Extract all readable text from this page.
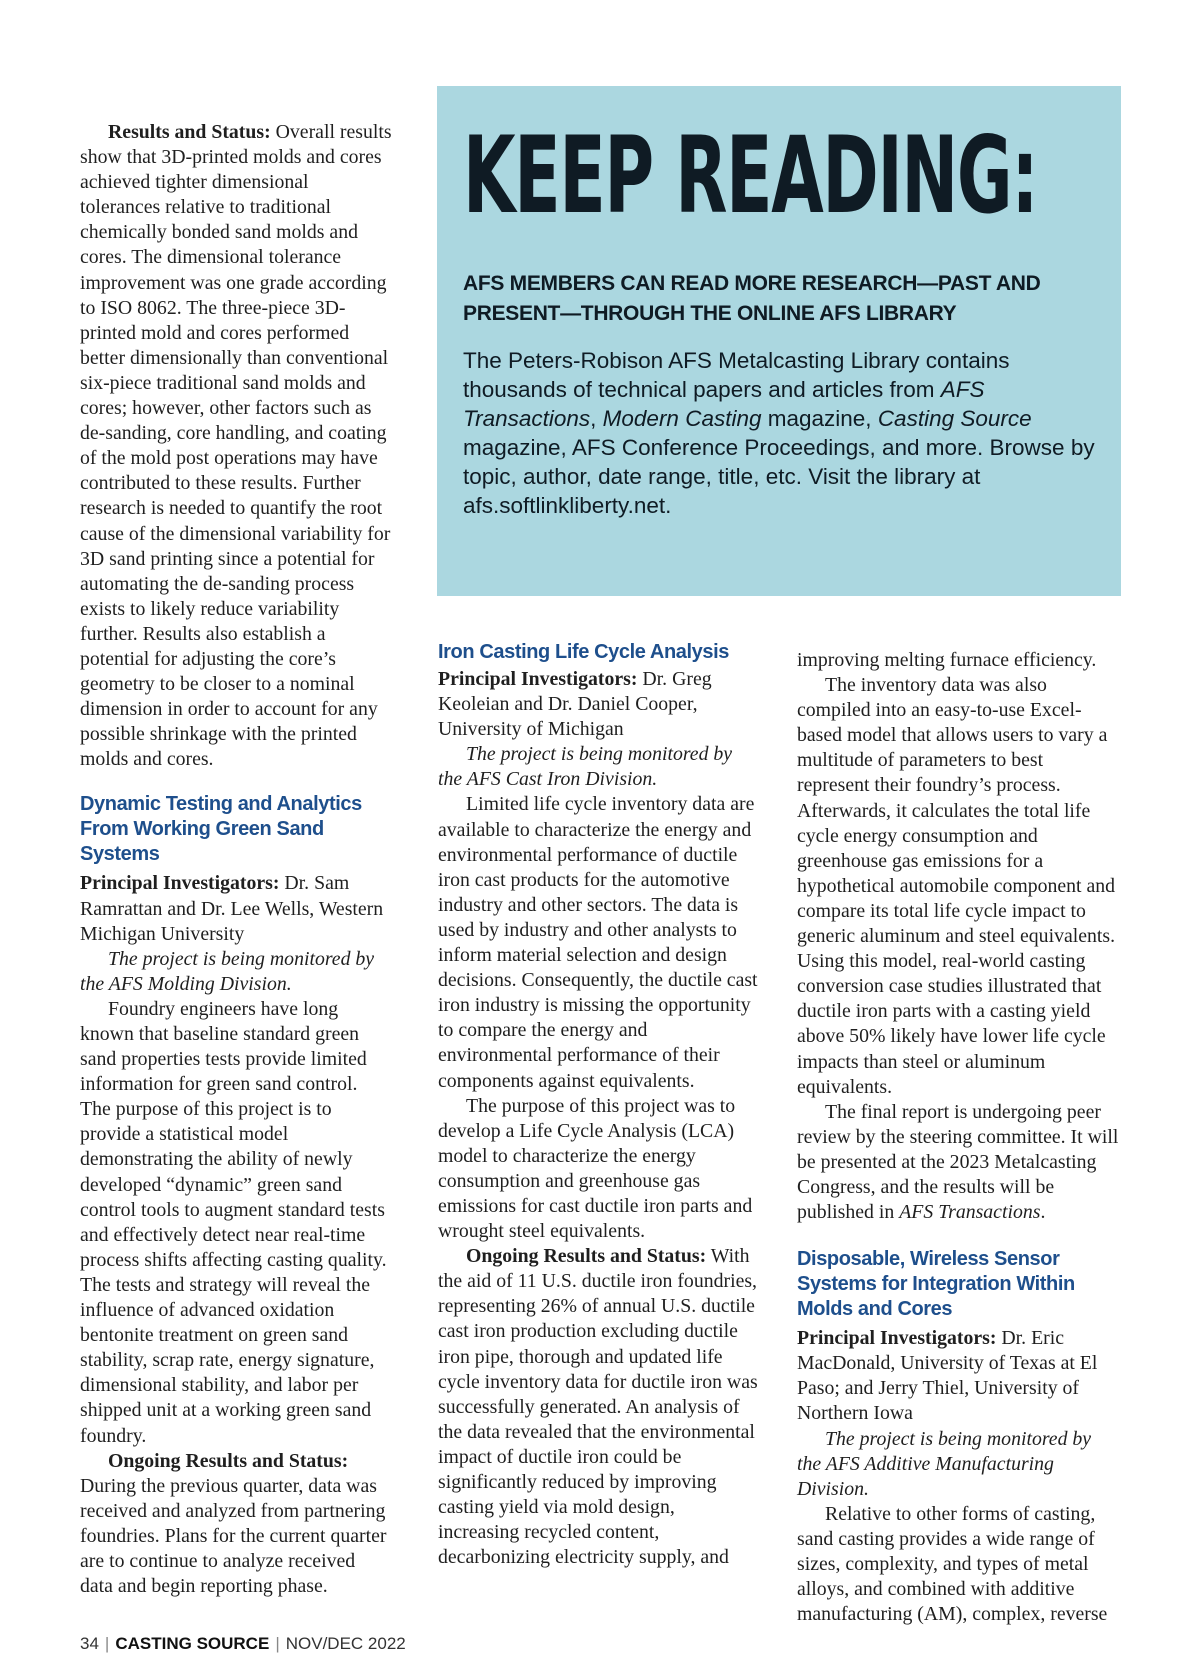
Results and Status: Overall results show that 3D-printed molds and cores achieved tighter dimensional tolerances relative to traditional chemically bonded sand molds and cores. The dimensional tolerance improvement was one grade according to ISO 8062. The three-piece 3D-printed mold and cores performed better dimensionally than conventional six-piece traditional sand molds and cores; however, other factors such as de-sanding, core handling, and coating of the mold post operations may have contributed to these results. Further research is needed to quantify the root cause of the dimensional variability for 3D sand printing since a potential for automating the de-sanding process exists to likely reduce variability further. Results also establish a potential for adjusting the core’s geometry to be closer to a nominal dimension in order to account for any possible shrinkage with the printed molds and cores.

Dynamic Testing and Analytics From Working Green Sand Systems

Principal Investigators: Dr. Sam Ramrattan and Dr. Lee Wells, Western Michigan University

The project is being monitored by the AFS Molding Division.

Foundry engineers have long known that baseline standard green sand properties tests provide limited information for green sand control. The purpose of this project is to provide a statistical model demonstrating the ability of newly developed “dynamic” green sand control tools to augment standard tests and effectively detect near real-time process shifts affecting casting quality. The tests and strategy will reveal the influence of advanced oxidation bentonite treatment on green sand stability, scrap rate, energy signature, dimensional stability, and labor per shipped unit at a working green sand foundry.

Ongoing Results and Status: During the previous quarter, data was received and analyzed from partnering foundries. Plans for the current quarter are to continue to analyze received data and begin reporting phase.

KEEP READING:

AFS MEMBERS CAN READ MORE RESEARCH—PAST AND PRESENT—THROUGH THE ONLINE AFS LIBRARY

The Peters-Robison AFS Metalcasting Library contains thousands of technical papers and articles from AFS Transactions, Modern Casting magazine, Casting Source magazine, AFS Conference Proceedings, and more. Browse by topic, author, date range, title, etc. Visit the library at afs.softlinkliberty.net.

Iron Casting Life Cycle Analysis

Principal Investigators: Dr. Greg Keoleian and Dr. Daniel Cooper, University of Michigan

The project is being monitored by the AFS Cast Iron Division.

Limited life cycle inventory data are available to characterize the energy and environmental performance of ductile iron cast products for the automotive industry and other sectors. The data is used by industry and other analysts to inform material selection and design decisions. Consequently, the ductile cast iron industry is missing the opportunity to compare the energy and environmental performance of their components against equivalents.

The purpose of this project was to develop a Life Cycle Analysis (LCA) model to characterize the energy consumption and greenhouse gas emissions for cast ductile iron parts and wrought steel equivalents.

Ongoing Results and Status: With the aid of 11 U.S. ductile iron foundries, representing 26% of annual U.S. ductile cast iron production excluding ductile iron pipe, thorough and updated life cycle inventory data for ductile iron was successfully generated. An analysis of the data revealed that the environmental impact of ductile iron could be significantly reduced by improving casting yield via mold design, increasing recycled content, decarbonizing electricity supply, and

improving melting furnace efficiency.

The inventory data was also compiled into an easy-to-use Excel-based model that allows users to vary a multitude of parameters to best represent their foundry’s process. Afterwards, it calculates the total life cycle energy consumption and greenhouse gas emissions for a hypothetical automobile component and compare its total life cycle impact to generic aluminum and steel equivalents. Using this model, real-world casting conversion case studies illustrated that ductile iron parts with a casting yield above 50% likely have lower life cycle impacts than steel or aluminum equivalents.

The final report is undergoing peer review by the steering committee. It will be presented at the 2023 Metalcasting Congress, and the results will be published in AFS Transactions.

Disposable, Wireless Sensor Systems for Integration Within Molds and Cores

Principal Investigators: Dr. Eric MacDonald, University of Texas at El Paso; and Jerry Thiel, University of Northern Iowa

The project is being monitored by the AFS Additive Manufacturing Division.

Relative to other forms of casting, sand casting provides a wide range of sizes, complexity, and types of metal alloys, and combined with additive manufacturing (AM), complex, reverse

34 | CASTING SOURCE | NOV/DEC 2022
